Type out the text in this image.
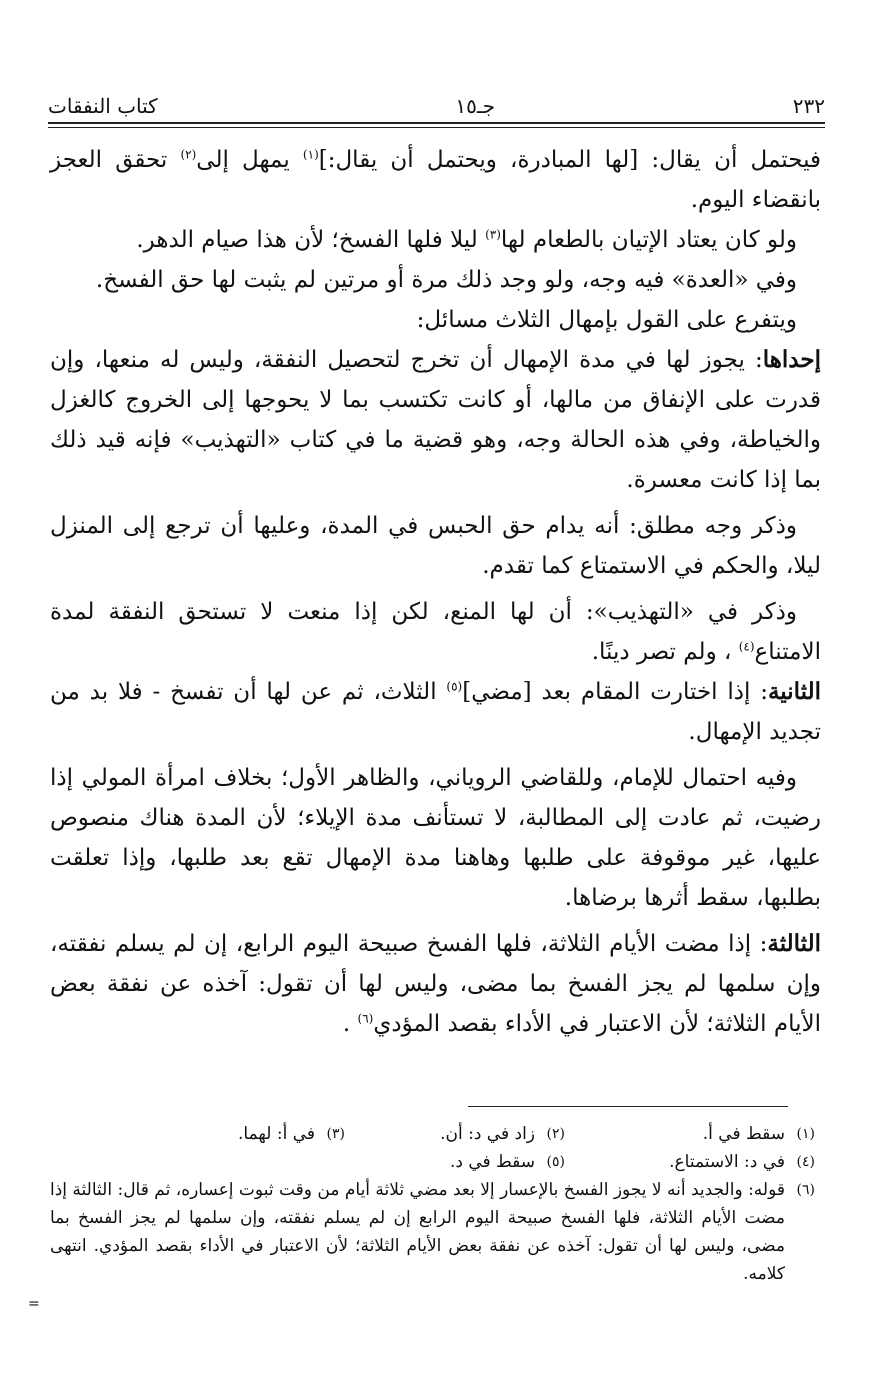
٢٣٢
جـ١٥
كتاب النفقات

فيحتمل أن يقال: [لها المبادرة، ويحتمل أن يقال:]$^{(١)}$ يمهل إلى$^{(٢)}$ تحقق العجز بانقضاء اليوم.

ولو كان يعتاد الإتيان بالطعام لها$^{(٣)}$ ليلا فلها الفسخ؛ لأن هذا صيام الدهر.

وفي «العدة» فيه وجه، ولو وجد ذلك مرة أو مرتين لم يثبت لها حق الفسخ.

ويتفرع على القول بإمهال الثلاث مسائل:

إحداها: يجوز لها في مدة الإمهال أن تخرج لتحصيل النفقة، وليس له منعها، وإن قدرت على الإنفاق من مالها، أو كانت تكتسب بما لا يحوجها إلى الخروج كالغزل والخياطة، وفي هذه الحالة وجه، وهو قضية ما في كتاب «التهذيب» فإنه قيد ذلك بما إذا كانت معسرة.

وذكر وجه مطلق: أنه يدام حق الحبس في المدة، وعليها أن ترجع إلى المنزل ليلا، والحكم في الاستمتاع كما تقدم.

وذكر في «التهذيب»: أن لها المنع، لكن إذا منعت لا تستحق النفقة لمدة الامتناع$^{(٤)}$ ، ولم تصر دينًا.

الثانية: إذا اختارت المقام بعد [مضي]$^{(٥)}$ الثلاث، ثم عن لها أن تفسخ - فلا بد من تجديد الإمهال.

وفيه احتمال للإمام، وللقاضي الروياني، والظاهر الأول؛ بخلاف امرأة المولي إذا رضيت، ثم عادت إلى المطالبة، لا تستأنف مدة الإيلاء؛ لأن المدة هناك منصوص عليها، غير موقوفة على طلبها وهاهنا مدة الإمهال تقع بعد طلبها، وإذا تعلقت بطلبها، سقط أثرها برضاها.

الثالثة: إذا مضت الأيام الثلاثة، فلها الفسخ صبيحة اليوم الرابع، إن لم يسلم نفقته، وإن سلمها لم يجز الفسخ بما مضى، وليس لها أن تقول: آخذه عن نفقة بعض الأيام الثلاثة؛ لأن الاعتبار في الأداء بقصد المؤدي$^{(٦)}$ .

(١)
سقط في أ.
(٢)
زاد في د: أن.
(٣)
في أ: لهما.
(٤)
في د: الاستمتاع.
(٥)
سقط في د.
(٦)
قوله: والجديد أنه لا يجوز الفسخ بالإعسار إلا بعد مضي ثلاثة أيام من وقت ثبوت إعساره، ثم قال: الثالثة إذا مضت الأيام الثلاثة، فلها الفسخ صبيحة اليوم الرابع إن لم يسلم نفقته، وإن سلمها لم يجز الفسخ بما مضى، وليس لها أن تقول: آخذه عن نفقة بعض الأيام الثلاثة؛ لأن الاعتبار في الأداء بقصد المؤدي. انتهى كلامه.
=
